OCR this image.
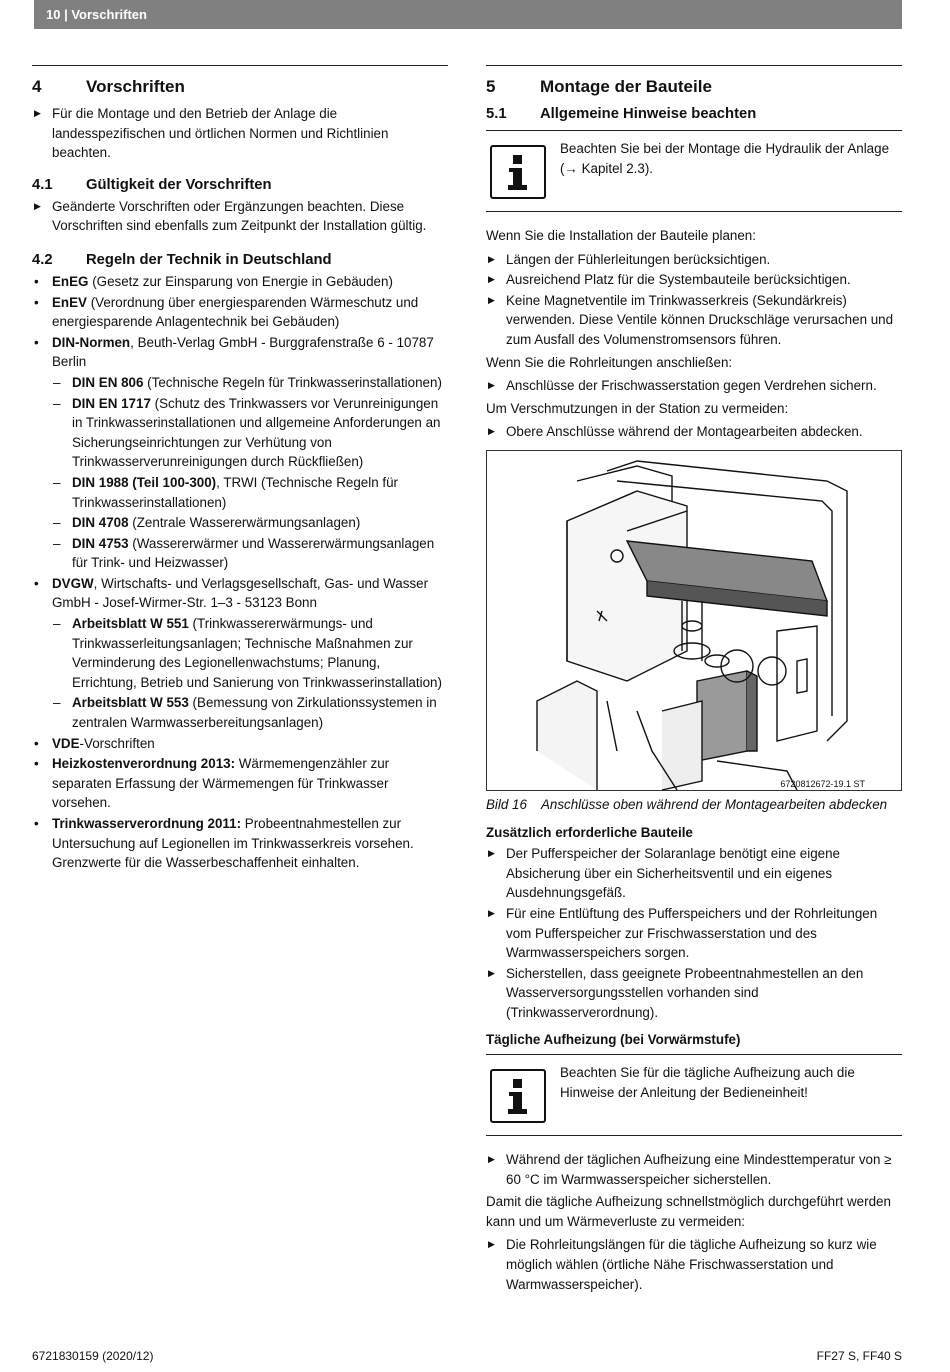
10 | Vorschriften
4	Vorschriften
▶ Für die Montage und den Betrieb der Anlage die landesspezifischen und örtlichen Normen und Richtlinien beachten.
4.1	Gültigkeit der Vorschriften
▶ Geänderte Vorschriften oder Ergänzungen beachten. Diese Vorschriften sind ebenfalls zum Zeitpunkt der Installation gültig.
4.2	Regeln der Technik in Deutschland
• EnEG (Gesetz zur Einsparung von Energie in Gebäuden)
• EnEV (Verordnung über energiesparenden Wärmeschutz und energiesparende Anlagentechnik bei Gebäuden)
• DIN-Normen, Beuth-Verlag GmbH - Burggrafenstraße 6 - 10787 Berlin
– DIN EN 806 (Technische Regeln für Trinkwasserinstallationen)
– DIN EN 1717 (Schutz des Trinkwassers vor Verunreinigungen in Trinkwasserinstallationen und allgemeine Anforderungen an Sicherungseinrichtungen zur Verhütung von Trinkwasserverunreinigungen durch Rückfließen)
– DIN 1988 (Teil 100-300), TRWI (Technische Regeln für Trinkwasserinstallationen)
– DIN 4708 (Zentrale Wassererwärmungsanlagen)
– DIN 4753 (Wassererwärmer und Wassererwärmungsanlagen für Trink- und Heizwasser)
• DVGW, Wirtschafts- und Verlagsgesellschaft, Gas- und Wasser GmbH - Josef-Wirmer-Str. 1–3 - 53123 Bonn
– Arbeitsblatt W 551 (Trinkwassererwärmungs- und Trinkwasserleitungsanlagen; Technische Maßnahmen zur Verminderung des Legionellenwachstums; Planung, Errichtung, Betrieb und Sanierung von Trinkwasserinstallation)
– Arbeitsblatt W 553 (Bemessung von Zirkulationssystemen in zentralen Warmwasserbereitungsanlagen)
• VDE-Vorschriften
• Heizkostenverordnung 2013: Wärmemengenzähler zur separaten Erfassung der Wärmemengen für Trinkwasser vorsehen.
• Trinkwasserverordnung 2011: Probeentnahmestellen zur Untersuchung auf Legionellen im Trinkwasserkreis vorsehen. Grenzwerte für die Wasserbeschaffenheit einhalten.
5	Montage der Bauteile
5.1	Allgemeine Hinweise beachten
Beachten Sie bei der Montage die Hydraulik der Anlage (→ Kapitel 2.3).

Wenn Sie die Installation der Bauteile planen:

▶ Längen der Fühlerleitungen berücksichtigen.
▶ Ausreichend Platz für die Systembauteile berücksichtigen.
▶ Keine Magnetventile im Trinkwasserkreis (Sekundärkreis) verwenden. Diese Ventile können Druckschläge verursachen und zum Ausfall des Volumenstromsensors führen.

Wenn Sie die Rohrleitungen anschließen:

▶ Anschlüsse der Frischwasserstation gegen Verdrehen sichern.

Um Verschmutzungen in der Station zu vermeiden:

▶ Obere Anschlüsse während der Montagearbeiten abdecken.
6720812672-19.1 ST
Bild 16 Anschlüsse oben während der Montagearbeiten abdecken
Zusätzlich erforderliche Bauteile
▶ Der Pufferspeicher der Solaranlage benötigt eine eigene Absicherung über ein Sicherheitsventil und ein eigenes Ausdehnungsgefäß.
▶ Für eine Entlüftung des Pufferspeichers und der Rohrleitungen vom Pufferspeicher zur Frischwasserstation und des Warmwasserspeichers sorgen.
▶ Sicherstellen, dass geeignete Probeentnahmestellen an den Wasserversorgungsstellen vorhanden sind (Trinkwasserverordnung).
Tägliche Aufheizung (bei Vorwärmstufe)
Beachten Sie für die tägliche Aufheizung auch die Hinweise der Anleitung der Bedieneinheit!
▶ Während der täglichen Aufheizung eine Mindesttemperatur von ≥ 60 °C im Warmwasserspeicher sicherstellen.

Damit die tägliche Aufheizung schnellstmöglich durchgeführt werden kann und um Wärmeverluste zu vermeiden:

▶ Die Rohrleitungslängen für die tägliche Aufheizung so kurz wie möglich wählen (örtliche Nähe Frischwasserstation und Warmwasserspeicher).
6721830159 (2020/12)	FF27 S, FF40 S
